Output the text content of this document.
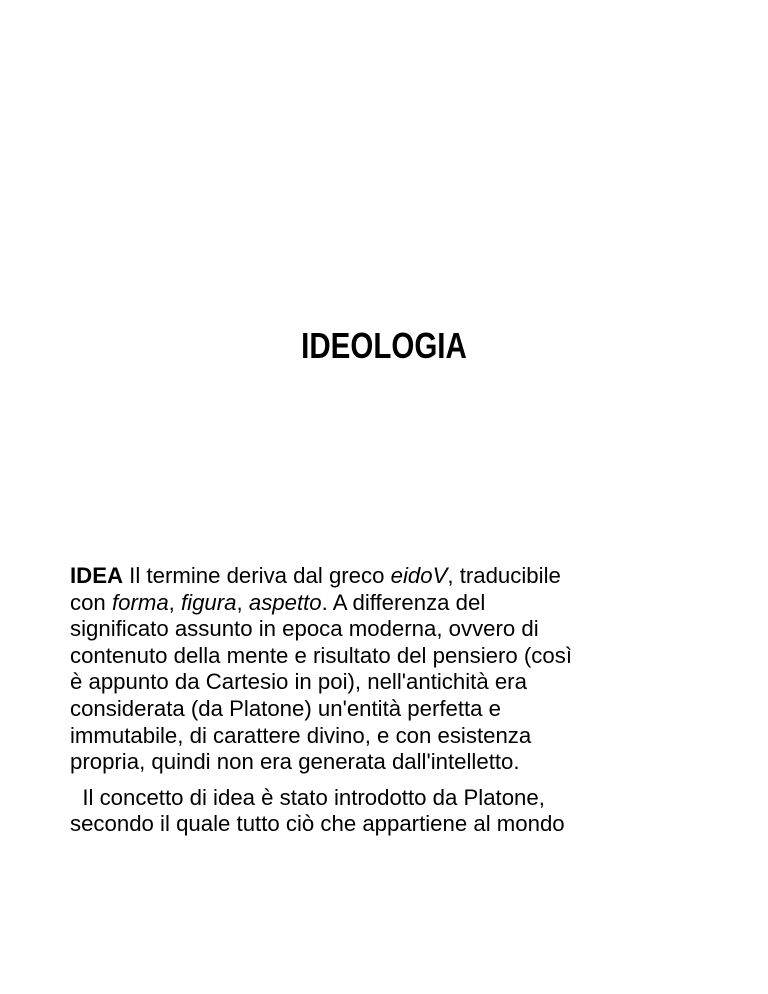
IDEOLOGIA

IDEA Il termine deriva dal greco eidoV, traducibile

con forma, figura, aspetto. A differenza del

significato assunto in epoca moderna, ovvero di

contenuto della mente e risultato del pensiero (così

è appunto da Cartesio in poi), nell'antichità era

considerata (da Platone) un'entità perfetta e

immutabile, di carattere divino, e con esistenza

propria, quindi non era generata dall'intelletto.

Il concetto di idea è stato introdotto da Platone,

secondo il quale tutto ciò che appartiene al mondo
